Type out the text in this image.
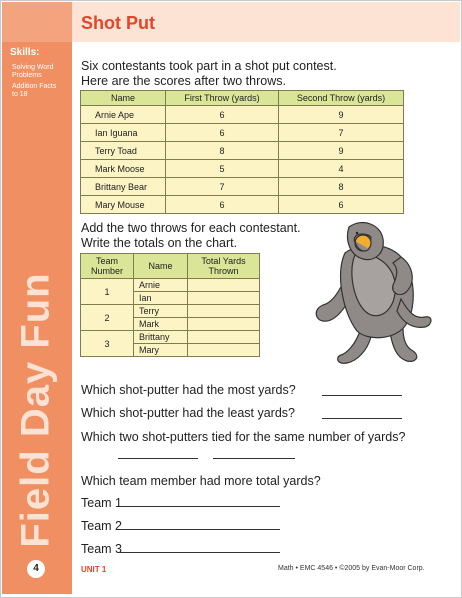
Skills:
Solving Word
Problems
Addition Facts
to 18
Field Day Fun
4
Shot Put
Six contestants took part in a shot put contest.
Here are the scores after two throws.
Name	First Throw (yards)	Second Throw (yards)
Arnie Ape	6	9
Ian Iguana	6	7
Terry Toad	8	9
Mark Moose	5	4
Brittany Bear	7	8
Mary Mouse	6	6
Add the two throws for each contestant.
Write the totals on the chart.
Team Number	Name	Total Yards Thrown
1	Arnie	
	Ian	
2	Terry	
	Mark	
3	Brittany	
	Mary	
Which shot-putter had the most yards?
Which shot-putter had the least yards?
Which two shot-putters tied for the same number of yards?
Which team member had more total yards?
Team 1
Team 2
Team 3
UNIT 1	Math • EMC 4546 • ©2005 by Evan-Moor Corp.
